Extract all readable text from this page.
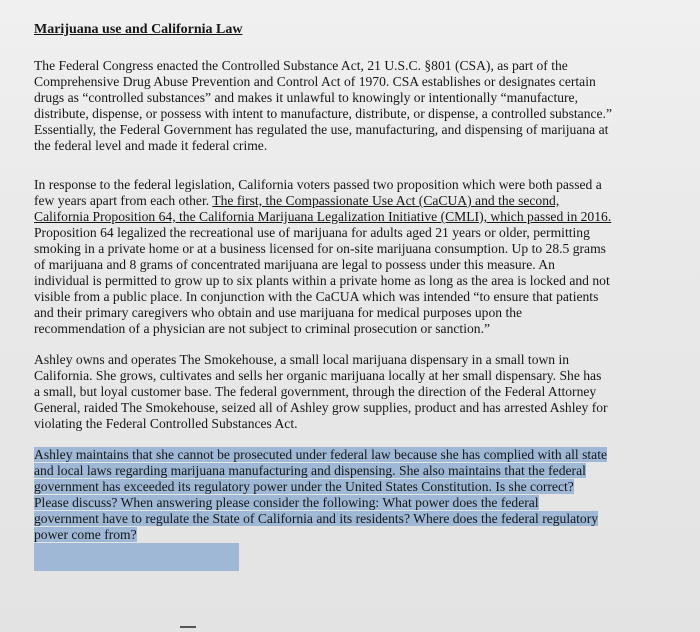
Marijuana use and California Law
The Federal Congress enacted the Controlled Substance Act, 21 U.S.C. §801 (CSA), as part of the
Comprehensive Drug Abuse Prevention and Control Act of 1970. CSA establishes or designates certain
drugs as “controlled substances” and makes it unlawful to knowingly or intentionally “manufacture,
distribute, dispense, or possess with intent to manufacture, distribute, or dispense, a controlled substance.”
Essentially, the Federal Government has regulated the use, manufacturing, and dispensing of marijuana at
the federal level and made it federal crime.
In response to the federal legislation, California voters passed two proposition which were both passed a
few years apart from each other. The first, the Compassionate Use Act (CaCUA) and the second,
California Proposition 64, the California Marijuana Legalization Initiative (CMLI), which passed in 2016.
Proposition 64 legalized the recreational use of marijuana for adults aged 21 years or older, permitting
smoking in a private home or at a business licensed for on-site marijuana consumption. Up to 28.5 grams
of marijuana and 8 grams of concentrated marijuana are legal to possess under this measure. An
individual is permitted to grow up to six plants within a private home as long as the area is locked and not
visible from a public place. In conjunction with the CaCUA which was intended “to ensure that patients
and their primary caregivers who obtain and use marijuana for medical purposes upon the
recommendation of a physician are not subject to criminal prosecution or sanction.”
Ashley owns and operates The Smokehouse, a small local marijuana dispensary in a small town in
California. She grows, cultivates and sells her organic marijuana locally at her small dispensary. She has
a small, but loyal customer base. The federal government, through the direction of the Federal Attorney
General, raided The Smokehouse, seized all of Ashley grow supplies, product and has arrested Ashley for
violating the Federal Controlled Substances Act.
Ashley maintains that she cannot be prosecuted under federal law because she has complied with all state
and local laws regarding marijuana manufacturing and dispensing. She also maintains that the federal
government has exceeded its regulatory power under the United States Constitution. Is she correct?
Please discuss? When answering please consider the following: What power does the federal
government have to regulate the State of California and its residents? Where does the federal regulatory
power come from?
